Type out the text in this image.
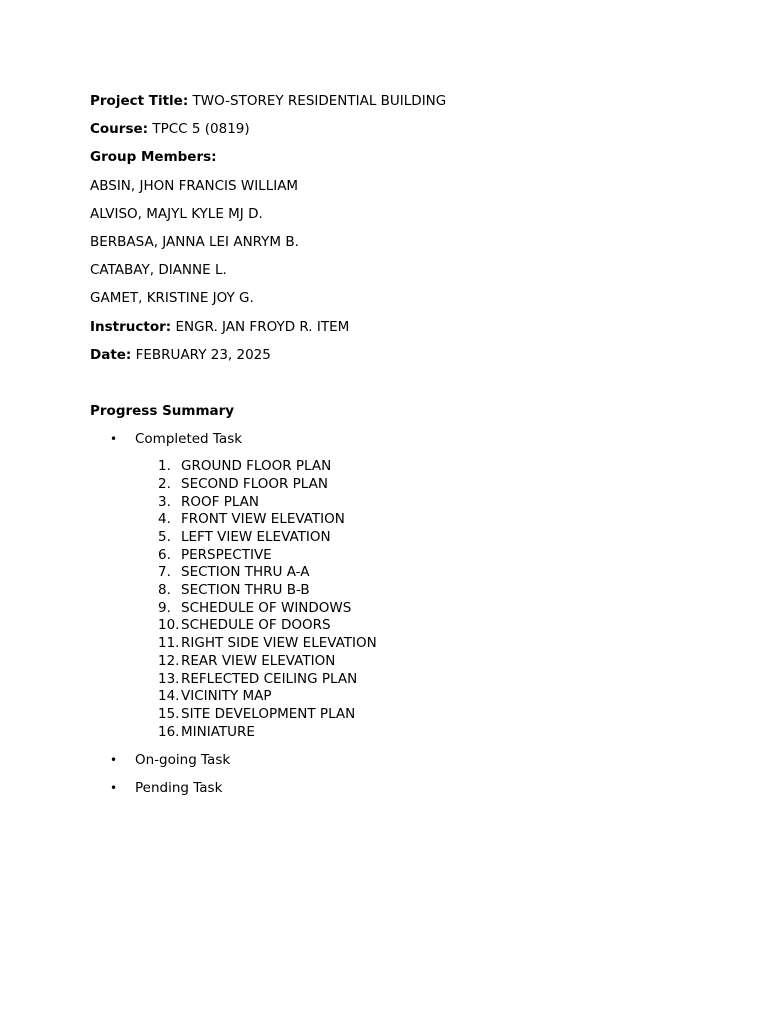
Project Title: TWO-STOREY RESIDENTIAL BUILDING
Course: TPCC 5 (0819)
Group Members:
ABSIN, JHON FRANCIS WILLIAM
ALVISO, MAJYL KYLE MJ D.
BERBASA, JANNA LEI ANRYM B.
CATABAY, DIANNE L.
GAMET, KRISTINE JOY G.
Instructor: ENGR. JAN FROYD R. ITEM
Date: FEBRUARY 23, 2025
Progress Summary
• Completed Task
1. GROUND FLOOR PLAN
2. SECOND FLOOR PLAN
3. ROOF PLAN
4. FRONT VIEW ELEVATION
5. LEFT VIEW ELEVATION
6. PERSPECTIVE
7. SECTION THRU A-A
8. SECTION THRU B-B
9. SCHEDULE OF WINDOWS
10. SCHEDULE OF DOORS
11. RIGHT SIDE VIEW ELEVATION
12. REAR VIEW ELEVATION
13. REFLECTED CEILING PLAN
14. VICINITY MAP
15. SITE DEVELOPMENT PLAN
16. MINIATURE
• On-going Task
• Pending Task
